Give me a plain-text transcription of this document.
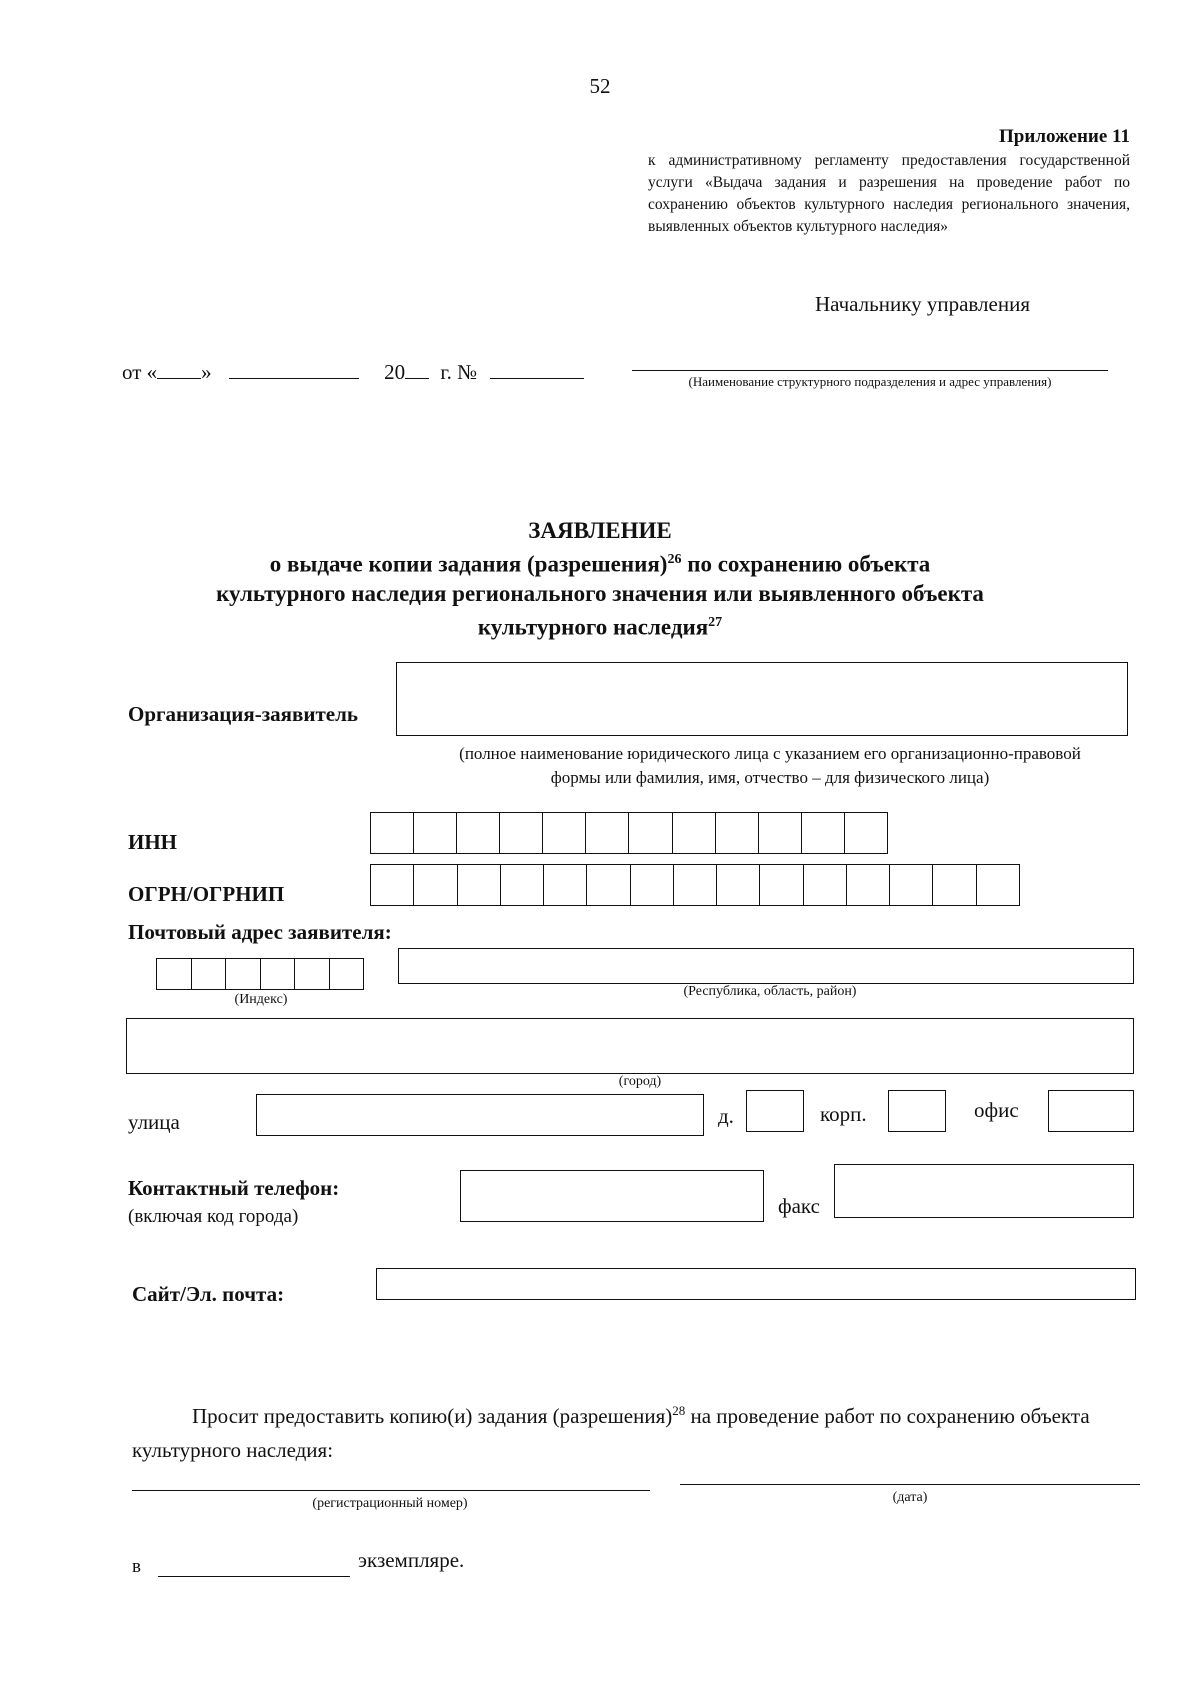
52
Приложение 11
к административному регламенту предоставления государственной услуги «Выдача задания и разрешения на проведение работ по сохранению объектов культурного наследия регионального значения, выявленных объектов культурного наследия»
Начальнику управления
от « »	20 г. №	(Наименование структурного подразделения и адрес управления)
ЗАЯВЛЕНИЕ
о выдаче копии задания (разрешения)$^{26}$ по сохранению объекта
культурного наследия регионального значения или выявленного объекта
культурного наследия$^{27}$
Организация-заявитель
(полное наименование юридического лица с указанием его организационно-правовой
формы или фамилия, имя, отчество – для физического лица)
ИНН
ОГРН/ОГРНИП
Почтовый адрес заявителя:
(Индекс)
(Республика, область, район)
(город)
улица	д.	корп.	офис
Контактный телефон:
(включая код города)	факс
Сайт/Эл. почта:
Просит предоставить копию(и) задания (разрешения)$^{28}$ на проведение работ по сохранению объекта культурного наследия:
(регистрационный номер)	(дата)
в	экземпляре.
